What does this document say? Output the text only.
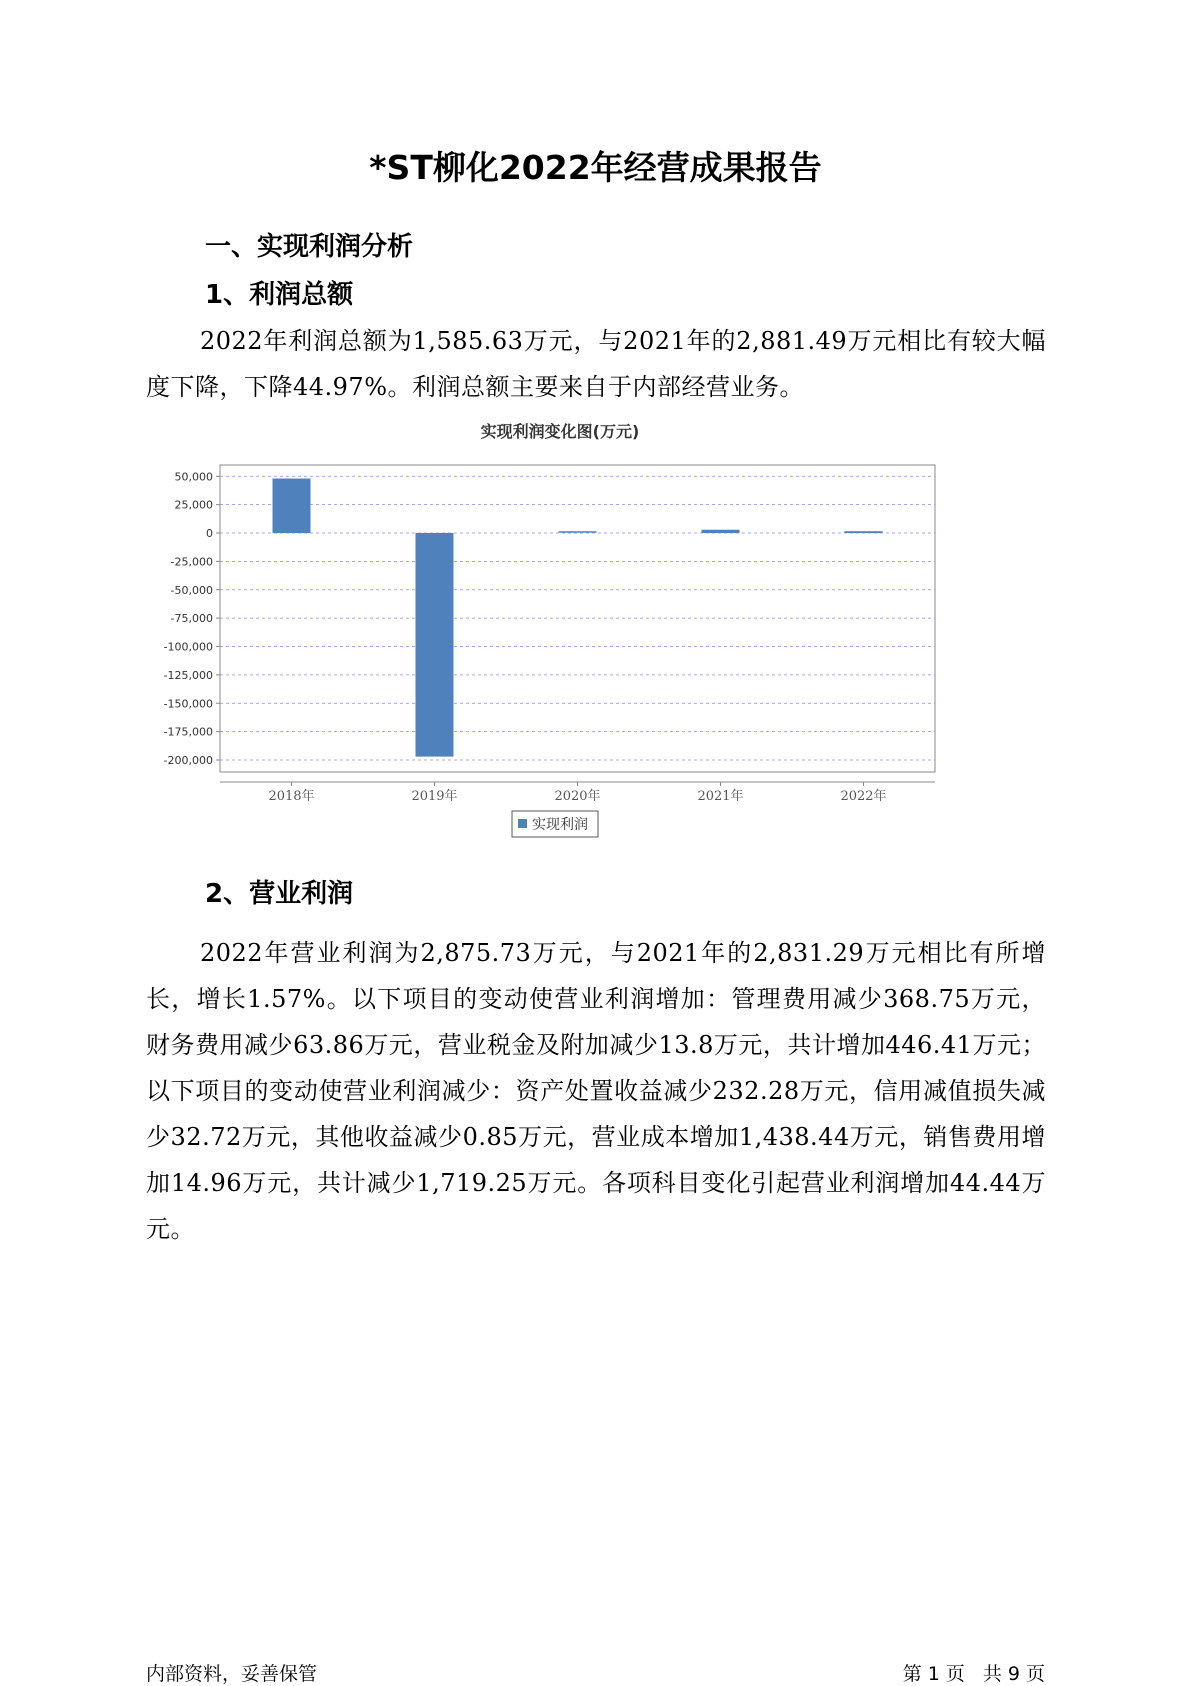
*ST柳化2022年经营成果报告
一、实现利润分析
1、利润总额

2022年利润总额为1,585.63万元，与2021年的2,881.49万元相比有较大幅度下降，下降44.97%。利润总额主要来自于内部经营业务。

实现利润变化图(万元)
50,000
25,000
0
-25,000
-50,000
-75,000
-100,000
-125,000
-150,000
-175,000
-200,000
2018年	2019年	2020年	2021年	2022年
实现利润
2、营业利润

2022年营业利润为2,875.73万元，与2021年的2,831.29万元相比有所增长，增长1.57%。以下项目的变动使营业利润增加：管理费用减少368.75万元，财务费用减少63.86万元，营业税金及附加减少13.8万元，共计增加446.41万元；以下项目的变动使营业利润减少：资产处置收益减少232.28万元，信用减值损失减少32.72万元，其他收益减少0.85万元，营业成本增加1,438.44万元，销售费用增加14.96万元，共计减少1,719.25万元。各项科目变化引起营业利润增加44.44万元。

内部资料，妥善保管	第 1 页 共 9 页
